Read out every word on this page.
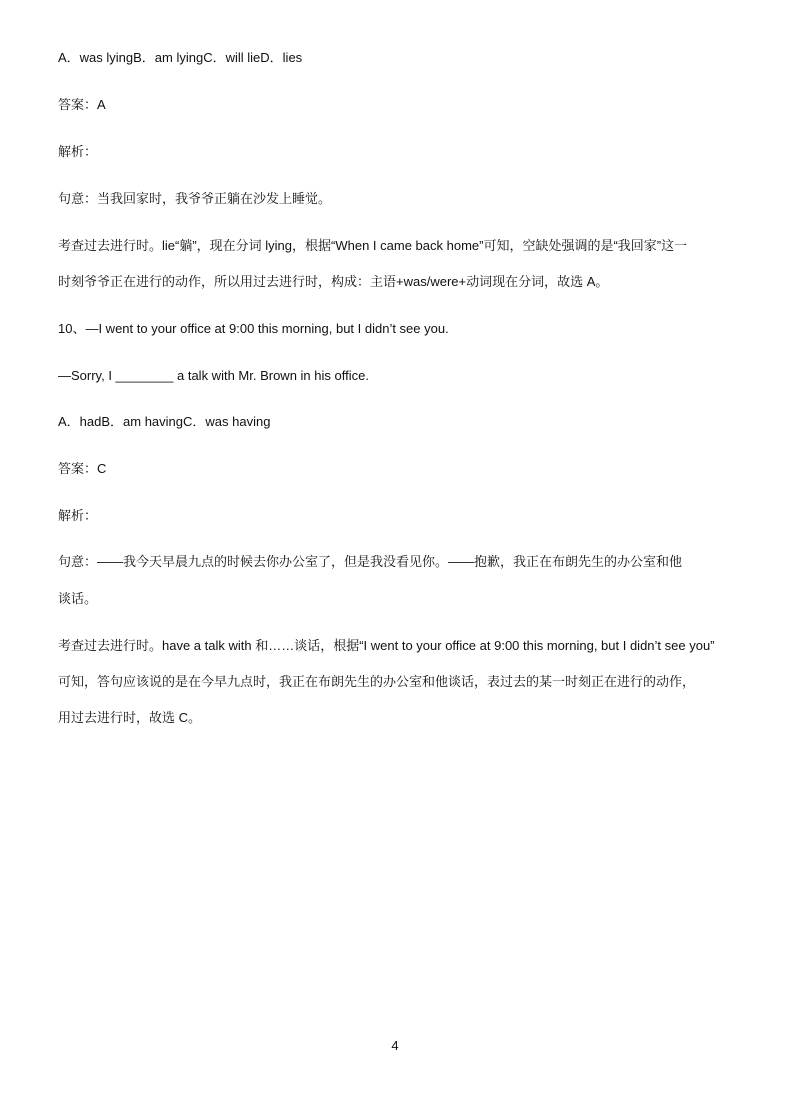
A．was lyingB．am lyingC．will lieD．lies
答案：A
解析：
句意：当我回家时，我爷爷正躺在沙发上睡觉。
考查过去进行时。lie“躺”，现在分词 lying，根据“When I came back home”可知，空缺处强调的是“我回家”这一
时刻爷爷正在进行的动作，所以用过去进行时，构成：主语+was/were+动词现在分词，故选 A。
10、—I went to your office at 9:00 this morning, but I didn’t see you.
—Sorry, I ________ a talk with Mr. Brown in his office.
A．hadB．am havingC．was having
答案：C
解析：
句意：——我今天早晨九点的时候去你办公室了，但是我没看见你。——抱歉，我正在布朗先生的办公室和他
谈话。
考查过去进行时。have a talk with 和……谈话，根据“I went to your office at 9:00 this morning, but I didn’t see you”
可知，答句应该说的是在今早九点时，我正在布朗先生的办公室和他谈话，表过去的某一时刻正在进行的动作，
用过去进行时，故选 C。
4
